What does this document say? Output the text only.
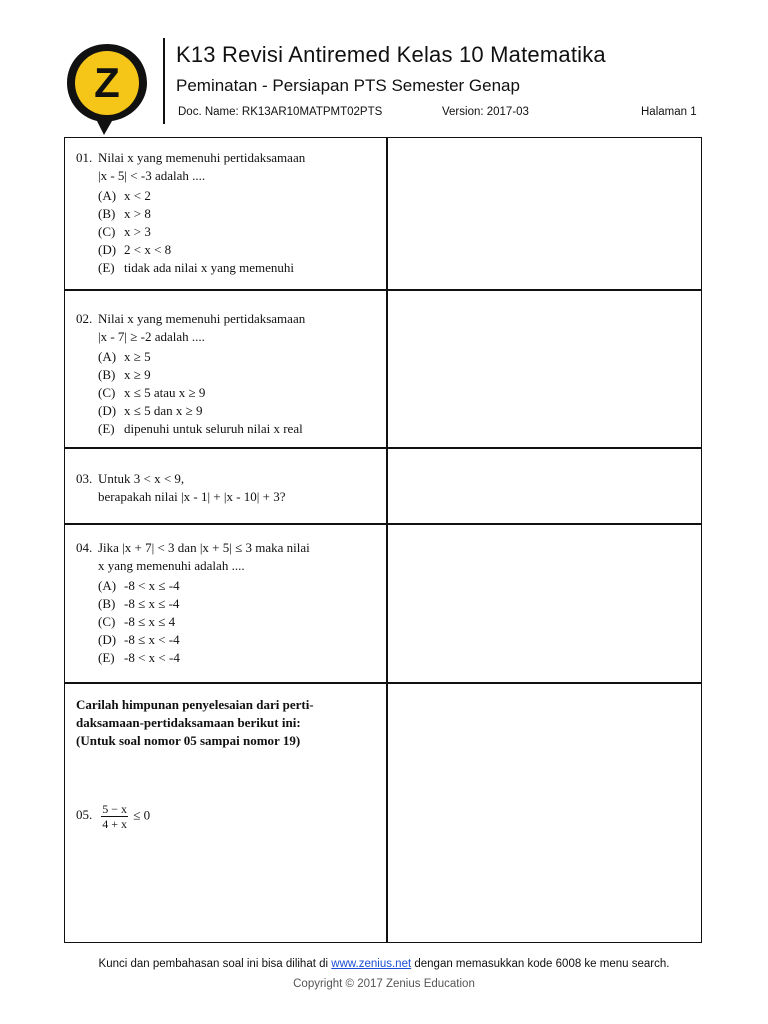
Z
K13 Revisi Antiremed Kelas 10 Matematika
Peminatan - Persiapan PTS Semester Genap
Doc. Name: RK13AR10MATPMT02PTS	Version: 2017-03	Halaman 1
01. Nilai x yang memenuhi pertidaksamaan
|x - 5| < -3 adalah ....
(A) x < 2
(B) x > 8
(C) x > 3
(D) 2 < x < 8
(E) tidak ada nilai x yang memenuhi
02. Nilai x yang memenuhi pertidaksamaan
|x - 7| ≥ -2 adalah ....
(A) x ≥ 5
(B) x ≥ 9
(C) x ≤ 5 atau x ≥ 9
(D) x ≤ 5 dan x ≥ 9
(E) dipenuhi untuk seluruh nilai x real
03. Untuk 3 < x < 9,
berapakah nilai |x - 1| + |x - 10| + 3?
04. Jika |x + 7| < 3 dan |x + 5| ≤ 3 maka nilai
x yang memenuhi adalah ....
(A) -8 < x ≤ -4
(B) -8 ≤ x ≤ -4
(C) -8 ≤ x ≤ 4
(D) -8 ≤ x < -4
(E) -8 < x < -4
Carilah himpunan penyelesaian dari perti-
daksamaan-pertidaksamaan berikut ini:
(Untuk soal nomor 05 sampai nomor 19)
05. $\frac{5 - x}{4 + x} \le 0$
Kunci dan pembahasan soal ini bisa dilihat di www.zenius.net dengan memasukkan kode 6008 ke menu search.
Copyright © 2017 Zenius Education
